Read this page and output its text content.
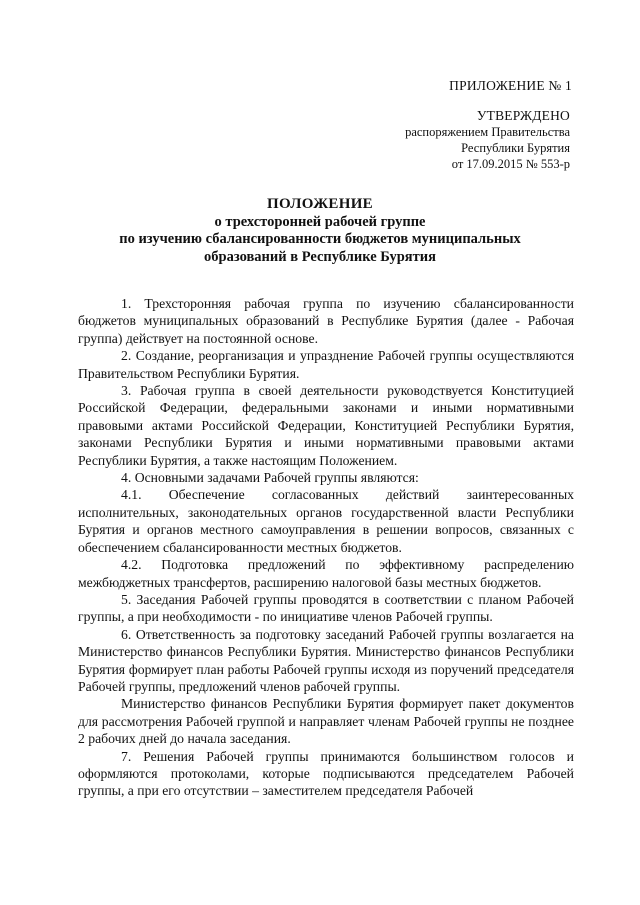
ПРИЛОЖЕНИЕ № 1
УТВЕРЖДЕНО
распоряжением Правительства
Республики Бурятия
от 17.09.2015 № 553-р
ПОЛОЖЕНИЕ
о трехсторонней рабочей группе
по изучению сбалансированности бюджетов муниципальных
образований в Республике Бурятия

1. Трехсторонняя рабочая группа по изучению сбалансированности бюджетов муниципальных образований в Республике Бурятия (далее - Рабочая группа) действует на постоянной основе.

2. Создание, реорганизация и упразднение Рабочей группы осуществляются Правительством Республики Бурятия.

3. Рабочая группа в своей деятельности руководствуется Конституцией Российской Федерации, федеральными законами и иными нормативными правовыми актами Российской Федерации, Конституцией Республики Бурятия, законами Республики Бурятия и иными нормативными правовыми актами Республики Бурятия, а также настоящим Положением.

4. Основными задачами Рабочей группы являются:

4.1. Обеспечение согласованных действий заинтересованных исполнительных, законодательных органов государственной власти Республики Бурятия и органов местного самоуправления в решении вопросов, связанных с обеспечением сбалансированности местных бюджетов.

4.2. Подготовка предложений по эффективному распределению межбюджетных трансфертов, расширению налоговой базы местных бюджетов.

5. Заседания Рабочей группы проводятся в соответствии с планом Рабочей группы, а при необходимости - по инициативе членов Рабочей группы.

6. Ответственность за подготовку заседаний Рабочей группы возлагается на Министерство финансов Республики Бурятия. Министерство финансов Республики Бурятия формирует план работы Рабочей группы исходя из поручений председателя Рабочей группы, предложений членов рабочей группы.

Министерство финансов Республики Бурятия формирует пакет документов для рассмотрения Рабочей группой и направляет членам Рабочей группы не позднее 2 рабочих дней до начала заседания.

7. Решения Рабочей группы принимаются большинством голосов и оформляются протоколами, которые подписываются председателем Рабочей группы, а при его отсутствии – заместителем председателя Рабочей
